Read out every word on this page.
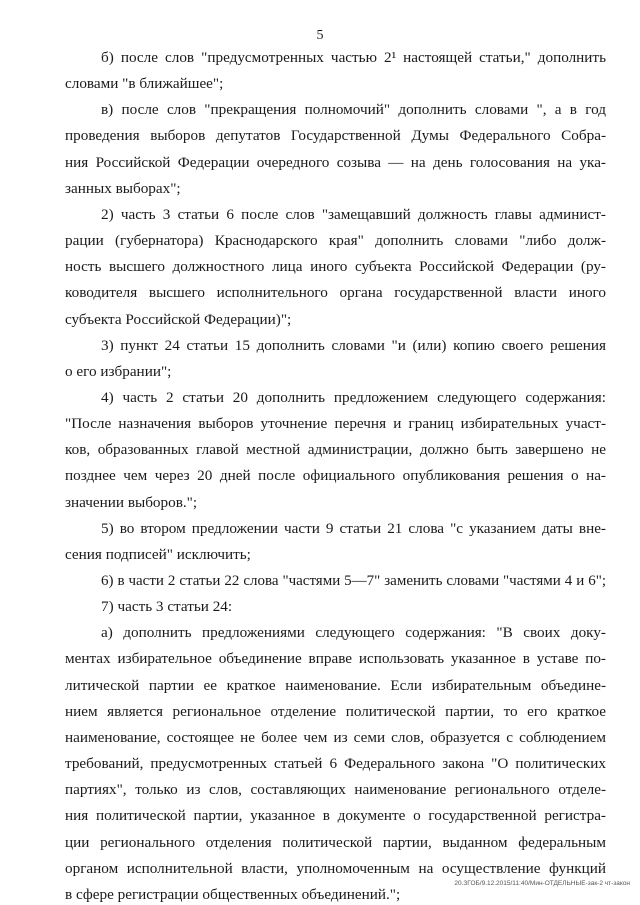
5
б) после слов "предусмотренных частью 2¹ настоящей статьи," дополнить
словами "в ближайшее";
в) после слов "прекращения полномочий" дополнить словами ", а в год
проведения выборов депутатов Государственной Думы Федерального Собра-
ния Российской Федерации очередного созыва — на день голосования на ука-
занных выборах";
2) часть 3 статьи 6 после слов "замещавший должность главы админист-
рации (губернатора) Краснодарского края" дополнить словами "либо долж-
ность высшего должностного лица иного субъекта Российской Федерации (ру-
ководителя высшего исполнительного органа государственной власти иного
субъекта Российской Федерации)";
3) пункт 24 статьи 15 дополнить словами "и (или) копию своего решения
о его избрании";
4) часть 2 статьи 20 дополнить предложением следующего содержания:
"После назначения выборов уточнение перечня и границ избирательных участ-
ков, образованных главой местной администрации, должно быть завершено не
позднее чем через 20 дней после официального опубликования решения о на-
значении выборов.";
5) во втором предложении части 9 статьи 21 слова "с указанием даты вне-
сения подписей" исключить;
6) в части 2 статьи 22 слова "частями 5—7" заменить словами "частями 4 и 6";
7) часть 3 статьи 24:
а) дополнить предложениями следующего содержания: "В своих доку-
ментах избирательное объединение вправе использовать указанное в уставе по-
литической партии ее краткое наименование. Если избирательным объедине-
нием является региональное отделение политической партии, то его краткое
наименование, состоящее не более чем из семи слов, образуется с соблюдением
требований, предусмотренных статьей 6 Федерального закона "О политических
партиях", только из слов, составляющих наименование регионального отделе-
ния политической партии, указанное в документе о государственной регистра-
ции регионального отделения политической партии, выданном федеральным
органом исполнительной власти, уполномоченным на осуществление функций
в сфере регистрации общественных объединений.";
20.ЗГОБ/9.12.2015/11:40/Мин-ОТДЕЛЬНЫЕ-зак-2 чт-закон
